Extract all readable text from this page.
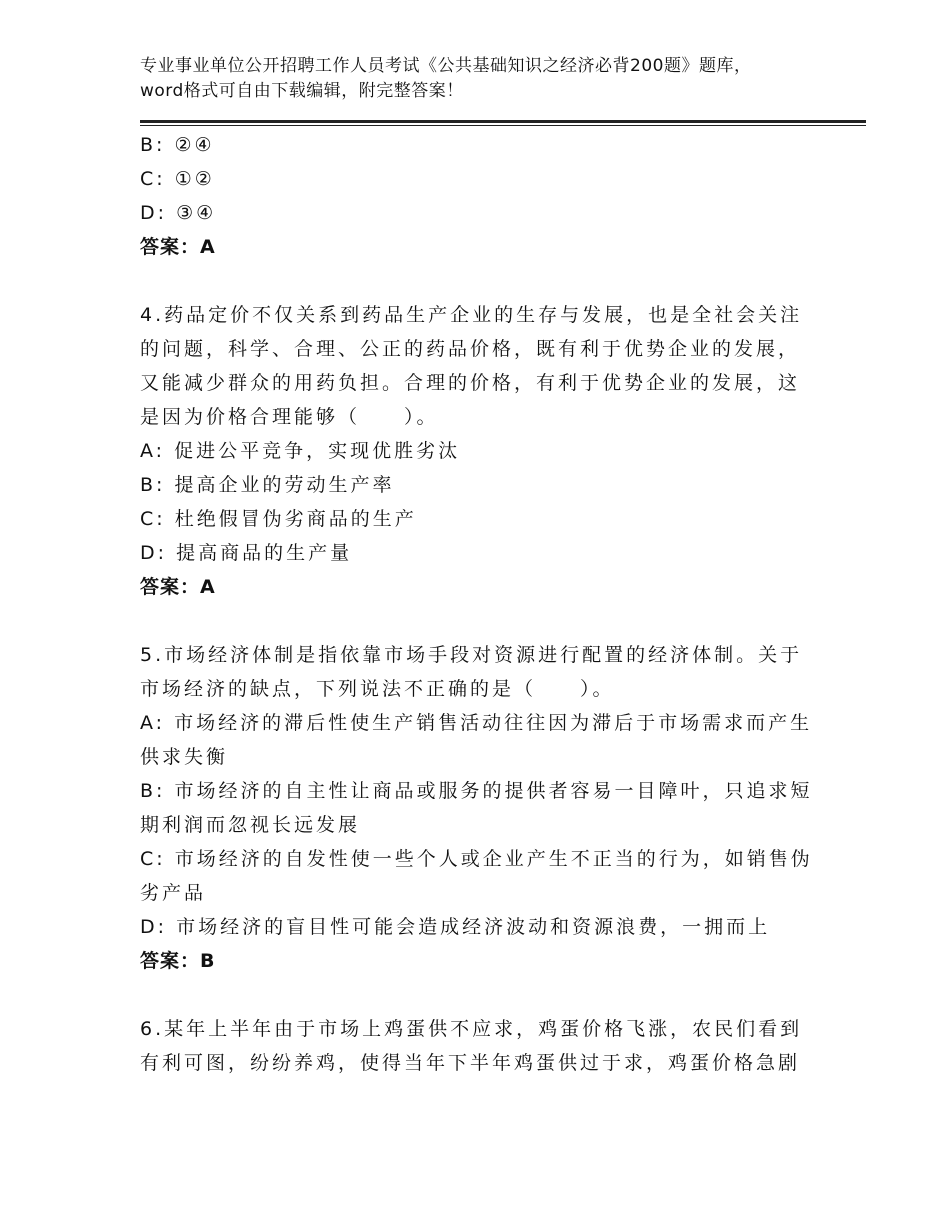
专业事业单位公开招聘工作人员考试《公共基础知识之经济必背200题》题库，word格式可自由下载编辑，附完整答案！

B: ②④

C: ①②

D: ③④

答案：A

4.药品定价不仅关系到药品生产企业的生存与发展，也是全社会关注

的问题，科学、合理、公正的药品价格，既有利于优势企业的发展，

又能减少群众的用药负担。合理的价格，有利于优势企业的发展，这

是因为价格合理能够（　　）。

A: 促进公平竞争，实现优胜劣汰

B: 提高企业的劳动生产率

C: 杜绝假冒伪劣商品的生产

D: 提高商品的生产量

答案：A

5.市场经济体制是指依靠市场手段对资源进行配置的经济体制。关于

市场经济的缺点，下列说法不正确的是（　　）。

A: 市场经济的滞后性使生产销售活动往往因为滞后于市场需求而产生

供求失衡

B: 市场经济的自主性让商品或服务的提供者容易一目障叶，只追求短

期利润而忽视长远发展

C: 市场经济的自发性使一些个人或企业产生不正当的行为，如销售伪

劣产品

D: 市场经济的盲目性可能会造成经济波动和资源浪费，一拥而上

答案：B

6.某年上半年由于市场上鸡蛋供不应求，鸡蛋价格飞涨，农民们看到

有利可图，纷纷养鸡，使得当年下半年鸡蛋供过于求，鸡蛋价格急剧
